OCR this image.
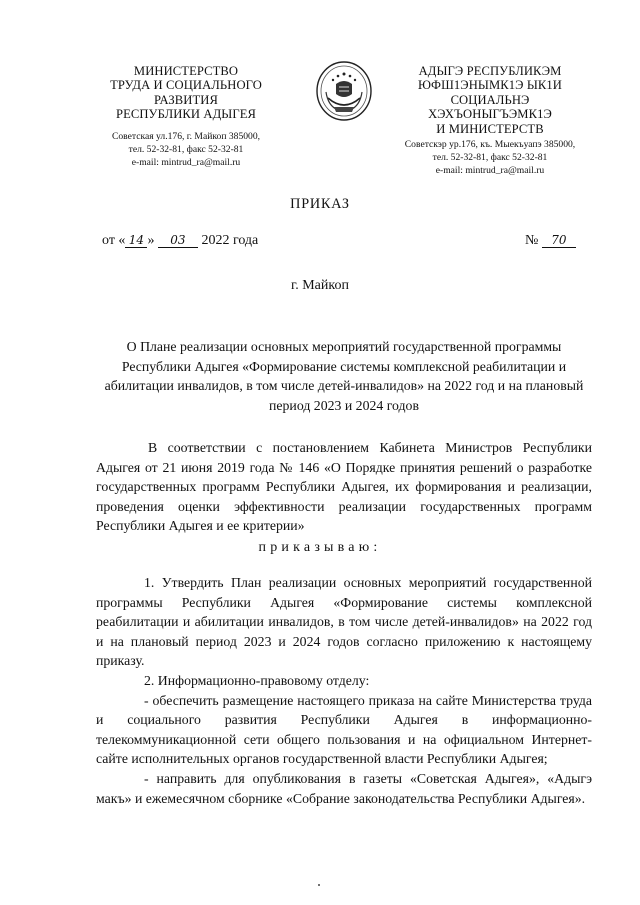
МИНИСТЕРСТВО
ТРУДА И СОЦИАЛЬНОГО
РАЗВИТИЯ
РЕСПУБЛИКИ АДЫГЕЯ
Советская ул.176, г. Майкоп 385000,
тел. 52-32-81, факс 52-32-81
e-mail: mintrud_ra@mail.ru
АДЫГЭ РЕСПУБЛИКЭМ
ЮФШ1ЭНЫМК1Э ЫК1И
СОЦИАЛЬНЭ
ХЭХЪОНЫГЪЭМК1Э
И МИНИСТЕРСТВ
Советскэр ур.176, къ. Мыекъуапэ 385000,
тел. 52-32-81, факс 52-32-81
e-mail: mintrud_ra@mail.ru
ПРИКАЗ
от « 14 » 03 2022 года	№ 70
г. Майкоп
О Плане реализации основных мероприятий государственной программы Республики Адыгея «Формирование системы комплексной реабилитации и абилитации инвалидов, в том числе детей-инвалидов» на 2022 год и на плановый период 2023 и 2024 годов
В соответствии с постановлением Кабинета Министров Республики Адыгея от 21 июня 2019 года № 146 «О Порядке принятия решений о разработке государственных программ Республики Адыгея, их формирования и реализации, проведения оценки эффективности реализации государственных программ Республики Адыгея и ее критерии»
приказываю:
1. Утвердить План реализации основных мероприятий государственной программы Республики Адыгея «Формирование системы комплексной реабилитации и абилитации инвалидов, в том числе детей-инвалидов» на 2022 год и на плановый период 2023 и 2024 годов согласно приложению к настоящему приказу.
2. Информационно-правовому отделу:
- обеспечить размещение настоящего приказа на сайте Министерства труда и социального развития Республики Адыгея в информационно-телекоммуникационной сети общего пользования и на официальном Интернет-сайте исполнительных органов государственной власти Республики Адыгея;
- направить для опубликования в газеты «Советская Адыгея», «Адыгэ макъ» и ежемесячном сборнике «Собрание законодательства Республики Адыгея».
